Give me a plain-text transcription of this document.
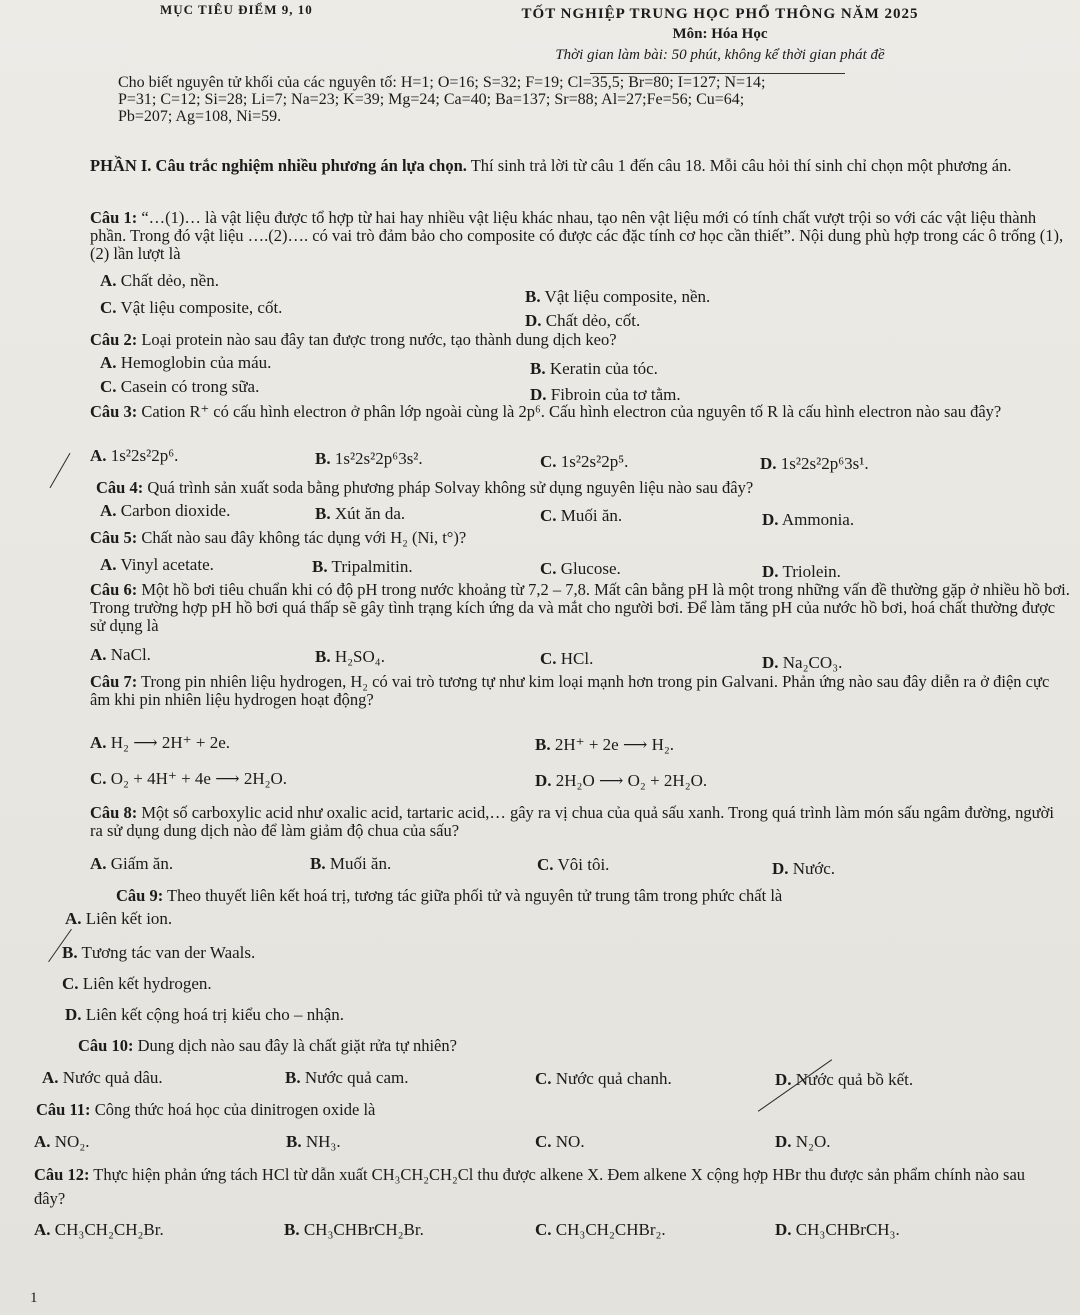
MỤC TIÊU ĐIỂM 9, 10	TỐT NGHIỆP TRUNG HỌC PHỔ THÔNG NĂM 2025
Môn: Hóa Học
Thời gian làm bài: 50 phút, không kể thời gian phát đề
Cho biết nguyên tử khối của các nguyên tố: H=1; O=16; S=32; F=19; Cl=35,5; Br=80; I=127; N=14;
P=31; C=12; Si=28; Li=7; Na=23; K=39; Mg=24; Ca=40; Ba=137; Sr=88; Al=27;Fe=56; Cu=64;
Pb=207; Ag=108, Ni=59.
PHẦN I. Câu trắc nghiệm nhiều phương án lựa chọn. Thí sinh trả lời từ câu 1 đến câu 18. Mỗi câu hỏi thí sinh chỉ chọn một phương án.
Câu 1: “…(1)… là vật liệu được tổ hợp từ hai hay nhiều vật liệu khác nhau, tạo nên vật liệu mới có tính chất vượt trội so với các vật liệu thành phần. Trong đó vật liệu ….(2)…. có vai trò đảm bảo cho composite có được các đặc tính cơ học cần thiết”. Nội dung phù hợp trong các ô trống (1), (2) lần lượt là
A. Chất dẻo, nền.
B. Vật liệu composite, nền.
C. Vật liệu composite, cốt.
D. Chất dẻo, cốt.
Câu 2: Loại protein nào sau đây tan được trong nước, tạo thành dung dịch keo?
A. Hemoglobin của máu.	B. Keratin của tóc.
C. Casein có trong sữa.	D. Fibroin của tơ tằm.
Câu 3: Cation R⁺ có cấu hình electron ở phân lớp ngoài cùng là 2p⁶. Cấu hình electron của nguyên tố R là cấu hình electron nào sau đây?
A. 1s²2s²2p⁶.	B. 1s²2s²2p⁶3s².	C. 1s²2s²2p⁵.	D. 1s²2s²2p⁶3s¹.
Câu 4: Quá trình sản xuất soda bằng phương pháp Solvay không sử dụng nguyên liệu nào sau đây?
A. Carbon dioxide.	B. Xút ăn da.	C. Muối ăn.	D. Ammonia.
Câu 5: Chất nào sau đây không tác dụng với H₂ (Ni, t°)?
A. Vinyl acetate.	B. Tripalmitin.	C. Glucose.	D. Triolein.
Câu 6: Một hồ bơi tiêu chuẩn khi có độ pH trong nước khoảng từ 7,2 – 7,8. Mất cân bằng pH là một trong những vấn đề thường gặp ở nhiều hồ bơi. Trong trường hợp pH hồ bơi quá thấp sẽ gây tình trạng kích ứng da và mắt cho người bơi. Để làm tăng pH của nước hồ bơi, hoá chất thường được sử dụng là
A. NaCl.	B. H₂SO₄.	C. HCl.	D. Na₂CO₃.
Câu 7: Trong pin nhiên liệu hydrogen, H₂ có vai trò tương tự như kim loại mạnh hơn trong pin Galvani. Phản ứng nào sau đây diễn ra ở điện cực âm khi pin nhiên liệu hydrogen hoạt động?
A. H₂ ⟶ 2H⁺ + 2e.	B. 2H⁺ + 2e ⟶ H₂.
C. O₂ + 4H⁺ + 4e ⟶ 2H₂O.	D. 2H₂O ⟶ O₂ + 2H₂O.
Câu 8: Một số carboxylic acid như oxalic acid, tartaric acid,… gây ra vị chua của quả sấu xanh. Trong quá trình làm món sấu ngâm đường, người ra sử dụng dung dịch nào để làm giảm độ chua của sấu?
A. Giấm ăn.	B. Muối ăn.	C. Vôi tôi.	D. Nước.
Câu 9: Theo thuyết liên kết hoá trị, tương tác giữa phối tử và nguyên tử trung tâm trong phức chất là
A. Liên kết ion.
B. Tương tác van der Waals.
C. Liên kết hydrogen.
D. Liên kết cộng hoá trị kiểu cho – nhận.
Câu 10: Dung dịch nào sau đây là chất giặt rửa tự nhiên?
A. Nước quả dâu.	B. Nước quả cam.	C. Nước quả chanh.	D. Nước quả bồ kết.
Câu 11: Công thức hoá học của dinitrogen oxide là
A. NO₂.	B. NH₃.	C. NO.	D. N₂O.
Câu 12: Thực hiện phản ứng tách HCl từ dẫn xuất CH₃CH₂CH₂Cl thu được alkene X. Đem alkene X cộng hợp HBr thu được sản phẩm chính nào sau đây?
A. CH₃CH₂CH₂Br.	B. CH₃CHBrCH₂Br.	C. CH₃CH₂CHBr₂.	D. CH₃CHBrCH₃.
1
